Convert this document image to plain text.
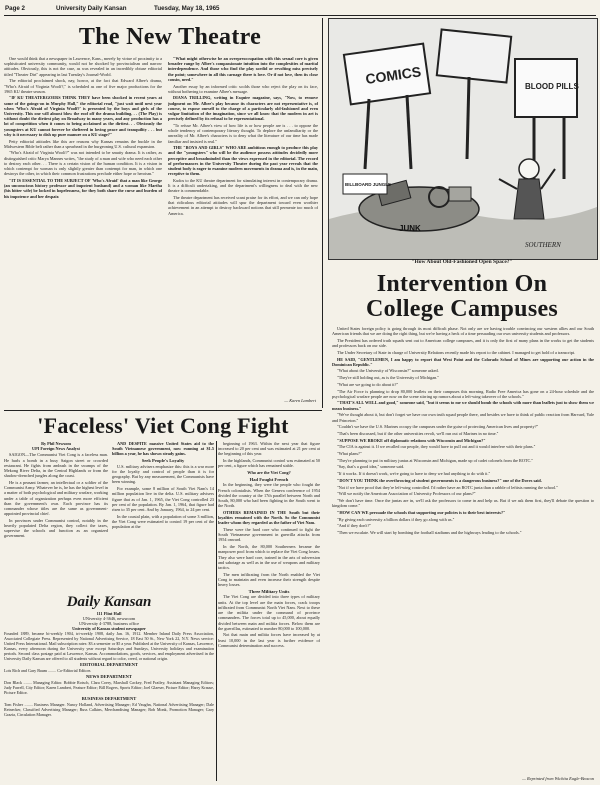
Page 2	University Daily Kansan	Tuesday, May 18, 1965
The New Theatre

One would think that a newspaper in Lawrence, Kans., merely by virtue of proximity to a sophisticated university community, would not be shocked by provincialism and narrow attitudes. Obviously, this is not the case, as was revealed in an incredibly obtuse editorial titled "Theater Dirt" appearing in last Tuesday's Journal-World.

The editorial proclaimed shock, nay, horror, at the fact that Edward Albee's drama, "Who's Afraid of Virginia Woolf?," is scheduled as one of five major productions for the 1965 KU theatre season.

"IF KU THEATERGOERS THINK THEY have been shocked in recent years at some of the goings-on in Murphy Hall," the editorial read, "just wait until next year when 'Who's Afraid of Virginia Woolf?' is presented by the boys and girls of the University. This one will almost blow the roof off the drama building. . . (The Play) is without doubt the dirtiest play on Broadway in many years, and any production has a lot of competition when it comes to being acclaimed as the dirtiest. . . Obviously the youngsters at KU cannot forever be sheltered in loving peace and tranquility . . . but why is it necessary to dish up pure manure on a KU stage?"

Petty editorial attitudes like this are reasons why Kansas remains the buckle in the Midwestern Bible belt rather than a spearhead in the burgeoning U.S. cultural expansion.

"Who's Afraid of Virginia Woolf?" was not intended to be smutty drama. It is rather, as distinguished critic Marya Mannes writes, "the study of a man and wife who need each other to destroy each other. . . There is a certain vision of the human condition. It is a vision in which contempt for woman is only slightly greater than contempt for man, in which one destroys the other, in which their common frustrations preclude either hope or heroism."

"IT IS ESSENTIAL TO THE SUBJECT OF 'Who's Afraid' that a man like George (an unconscious history professor and impotent husband) and a woman like Martha (his bitter wife) be locked in hopelessness, for they both share the curse and burden of his impotence and her despair.

"What might otherwise be an overpreoccupation with this sexual core is given broader range by Albee's compassionate intuition into the complexities of marital interdependence. And those who find the play sordid or revolting miss precisely the point; somewhere in all this carnage there is love. Or if not love, then its close cousin, need."

Another essay by an informed critic scolds those who reject the play on its face, without bothering to examine Albee's message.

DIANA TRILLING, writing in Esquire magazine, says, "Now, to remove judgment on Mr. Albee's play because its characters are not representative is, of course, to expose oneself to the charge of a particularly old-fashioned and even vulgar limitation of the imagination, since we all know that the modern in art is precisely defined by its refusal to be representational.

"To refuse Mr. Albee's view of how life is or how people are is . . . to oppose the whole tendency of contemporary literary thought. To deplore the unfamiliarity or the unreality of Mr. Albee's characters is to deny what the literature of our time has made familiar and insisted is real."

THE "BOYS AND GIRLS" WHO ARE ambitious enough to produce this play and the "youngsters" who will be the audience possess attitudes decidedly more perceptive and broadminded than the views expressed in the editorial. The record of performances in the University Theatre during the past year reveals that the student body is eager to examine modern movements in drama and is, in the main, receptive to them.

Kudos to the KU theatre department for stimulating interest in contemporary drama. It is a difficult undertaking, and the department's willingness to deal with the new theatre is commendable.

The theatre department has received scant praise for its effort, and we can only hope that ridiculous editorial attitudes will spur the department toward even worthier achievement in an attempt to destroy backward notions that still permeate too much of America.

— Karen Lambert
COMICS	BLOOD PILLS
JUNK
BILLBOARD JUNGLE
SOUTHERN
"How About Old-Fashioned Open Space?"
Intervention On
College Campuses

United States foreign policy is going through its most difficult phase. Not only are we having trouble convincing our western allies and our South American friends that we are doing the right thing, but we're having a heck of a time persuading our own university students and professors.

The President has ordered truth squads sent out to American college campuses, and it is only the first of many plans in the works to get the students and professors back on our side.

The Under Secretary of State in charge of University Relations recently made his report to the cabinet. I managed to get hold of a transcript.

HE SAID, "GENTLEMEN, I am happy to report that West Point and the Colorado School of Mines are supporting our action in the Dominican Republic."

"What about the University of Wisconsin?" someone asked.

"They're still holding out, as is the University of Michigan."

"What are we going to do about it?"

"The Air Force is planning to drop 80,000 leaflets on their campuses this morning. Radio Free America has gone on a 24-hour schedule and the psychological warfare people are now on the scene stirring up rumors about a left-wing takeover of the schools."

"THAT'S ALL WELL and good," someone said, "but it seems to me we should bomb the schools with more than leaflets just to show them we mean business."

"We've thought about it, but don't forget we have our own truth squad people there, and besides we have to think of public reaction from Harvard, Yale and Princeton."

"Couldn't we have the U.S. Marines occupy the campuses under the guise of protecting American lives and property?"

"That's been discussed, but if the other universities revolt, we'll run out of Marines in no time."

"SUPPOSE WE BROKE off diplomatic relations with Wisconsin and Michigan?"

"The CIA is against it. If we recalled our people, they would have to pull out and it would interfere with their plans."

"What plans?"

"They're planning to put in military juntas at Wisconsin and Michigan, made up of cadet colonels from the ROTC."

"Say, that's a good idea," someone said.

"If it works. If it doesn't work, we're going to have to deny we had anything to do with it."

"DON'T YOU THINK the overthrowing of student governments is a dangerous business?" one of the Doves said.

"Not if we have proof that they're left-wing controlled. I'd rather have an ROTC junta than a rabble of leftists running the school."

"Will we notify the American Association of University Professors of our plans?"

"We don't have time. Once the juntas are in, we'll ask the professors to come in and help us. But if we ask them first, they'll debate the question to kingdom come."

"HOW CAN WE persuade the schools that supporting our policies is to their best interests?"

"By giving each university a billion dollars if they go along with us."

"And if they don't?"

"Then we escalate. We will start by bombing the football stadiums and the highways leading to the schools."

— Reprinted from Wichita Eagle-Beacon
'Faceless' Viet Cong Fight
By Phil Newsom
UPI Foreign News Analyst

SAIGON—The Communist Viet Cong is a faceless man. He hurls a bomb in a busy Saigon street or crowded restaurant. He fights from ambush in the swamps of the Mekong River Delta, in the Central Highlands or from the shadow-drenched jungles along the coast.

He is a peasant farmer, an intellectual or a soldier of the Communist Army. Whatever he is, he has the highest level in a matter of both psychological and military warfare, working under a table of organization perhaps even more efficient than the government's own. Each province has its commander whose titles are the same as government-appointed provincial chief.

In provinces under Communist control, notably in the heavily populated Delta region, they collect the taxes, supervise the schools and function as an organized government.

AND DESPITE massive United States aid to the South Vietnamese government, now running at $1.5 billion a year, he has shown steady gains.

Seek People's Loyalty

U.S. military advisers emphasize this: this is a war more for the loyalty and control of people than it is for geography. But by any measurement, the Communists have been winning.

For example, some 8 million of South Viet Nam's 14 million population live in the delta. U.S. military advisers figure that as of Jan. 1, 1965, the Viet Cong controlled 23 per cent of the population. By Jan. 1, 1964, that figure had risen to 35 per cent. And by January, 1964, to 24 per cent.

In the coastal plain, with a population of some 3 million, the Viet Cong were estimated to control 19 per cent of the population at the

beginning of 1963. Within the next year that figure increased to 20 per cent and was estimated at 21 per cent at the beginning of this year.

In the highlands, Communist control was estimated at 50 per cent, a figure which has remained stable.

Who are the Viet Cong?

Had Fought French

In the beginning, they were the people who fought the French colonialists. When the Geneva conference of 1954 divided the country at the 17th parallel between North and South, 80,000 who had been fighting in the South went to the North.

OTHERS REMAINED IN THE South but their loyalties remained with the North. So the Communist leader whom they regarded as the father of Viet Nam.

These were the hard core who continued to fight the South Vietnamese government in guerrilla attacks from 1954 onward.

In the North, the 80,000 Southerners became the manpower pool from which to replace the Viet Cong losses. They also were hard core, trained in the arts of subversion and sabotage as well as in the use of weapons and military tactics.

The men infiltrating from the North enabled the Viet Cong to maintain and even increase their strength despite heavy losses.

Three Military Units

The Viet Cong are divided into three types of military units. At the top level are the main forces, crack troops infiltrated from Communist North Viet Nam. Next to these are the militia under the command of province commanders. The forces total up to 45,000, about equally divided between main and militia forces. Below them are the guerrillas, estimated to number 80,000 to 100,000.

Not that main and militia forces have increased by at least 10,000 in the last year is further evidence of Communist determination and success.

Daily Kansan
111 Flint Hall
UNiversity 4-3646, newsroom
UNiversity 4-3788, business office
University of Kansas student newspaper
Founded 1889, became bi-weekly 1904, tri-weekly 1908, daily Jan. 16, 1912. Member Inland Daily Press Association, Associated Collegiate Press. Represented by National Advertising Service, 18 East 50 St., New York 22, N.Y. News service: United Press International. Mail subscription rates: $3 a semester or $5 a year. Published at the University of Kansas, Lawrence, Kansas, every afternoon during the University year except Saturdays and Sundays, University holidays and examination periods. Second class postage paid at Lawrence, Kansas. Accommodations, goods, services, and employment advertised in the University Daily Kansan are offered to all students without regard to color, creed, or national origin.
EDITORIAL DEPARTMENT
Lois Rich and Gary Baum ........ Co-Editorial Editors
NEWS DEPARTMENT
Don Black ........ Managing Editor. Bobbie Rotsch, Clara Coery, Marshall Cackey, Fred Frailey, Assistant Managing Editors; Judy Farrell, City Editor; Karen Lambert, Feature Editor; Bill Rogers, Sports Editor; Joel Glaeser, Picture Editor; Harry Krause, Picture Editor.
BUSINESS DEPARTMENT
Tom Fisher ........ Business Manager. Nancy Holland, Advertising Manager; Ed Vaughn, National Advertising Manager; Dale Reinecker, Classified Advertising Manager; Russ Calkins, Merchandising Manager; Bob Monk, Promotion Manager; Gary Grazia, Circulation Manager.
